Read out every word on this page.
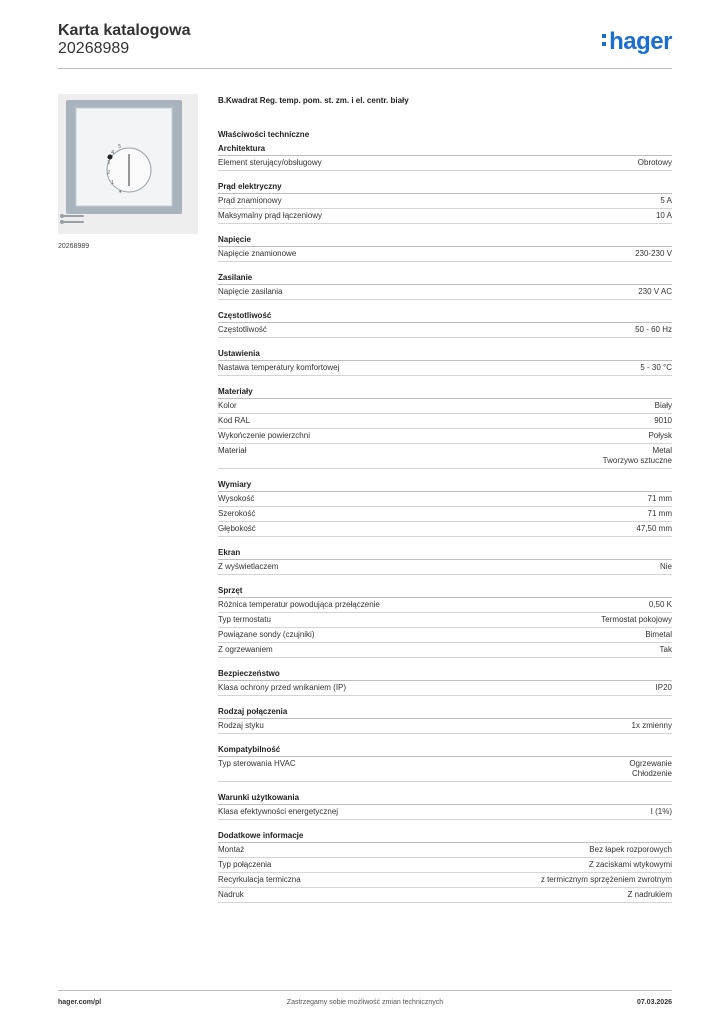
Karta katalogowa
20268989	hager
5
4
3
2
1
∗
20268989
B.Kwadrat Reg. temp. pom. st. zm. i el. centr. biały
Właściwości techniczne
Architektura
Element sterujący/obsługowy	Obrotowy
Prąd elektryczny
Prąd znamionowy	5 A
Maksymalny prąd łączeniowy	10 A
Napięcie
Napięcie znamionowe	230-230 V
Zasilanie
Napięcie zasilania	230 V AC
Częstotliwość
Częstotliwość	50 - 60 Hz
Ustawienia
Nastawa temperatury komfortowej	5 - 30 °C
Materiały
Kolor	Biały
Kod RAL	9010
Wykończenie powierzchni	Połysk
Materiał	Metal
Tworzywo sztuczne
Wymiary
Wysokość	71 mm
Szerokość	71 mm
Głębokość	47,50 mm
Ekran
Z wyświetlaczem	Nie
Sprzęt
Różnica temperatur powodująca przełączenie	0,50 K
Typ termostatu	Termostat pokojowy
Powiązane sondy (czujniki)	Bimetal
Z ogrzewaniem	Tak
Bezpieczeństwo
Klasa ochrony przed wnikaniem (IP)	IP20
Rodzaj połączenia
Rodzaj styku	1x zmienny
Kompatybilność
Typ sterowania HVAC	Ogrzewanie
Chłodzenie
Warunki użytkowania
Klasa efektywności energetycznej	I (1%)
Dodatkowe informacje
Montaż	Bez łapek rozporowych
Typ połączenia	Z zaciskami wtykowymi
Recyrkulacja termiczna	z termicznym sprzężeniem zwrotnym
Nadruk	Z nadrukiem
hager.com/pl	Zastrzegamy sobie możliwość zmian technicznych	07.03.2026
